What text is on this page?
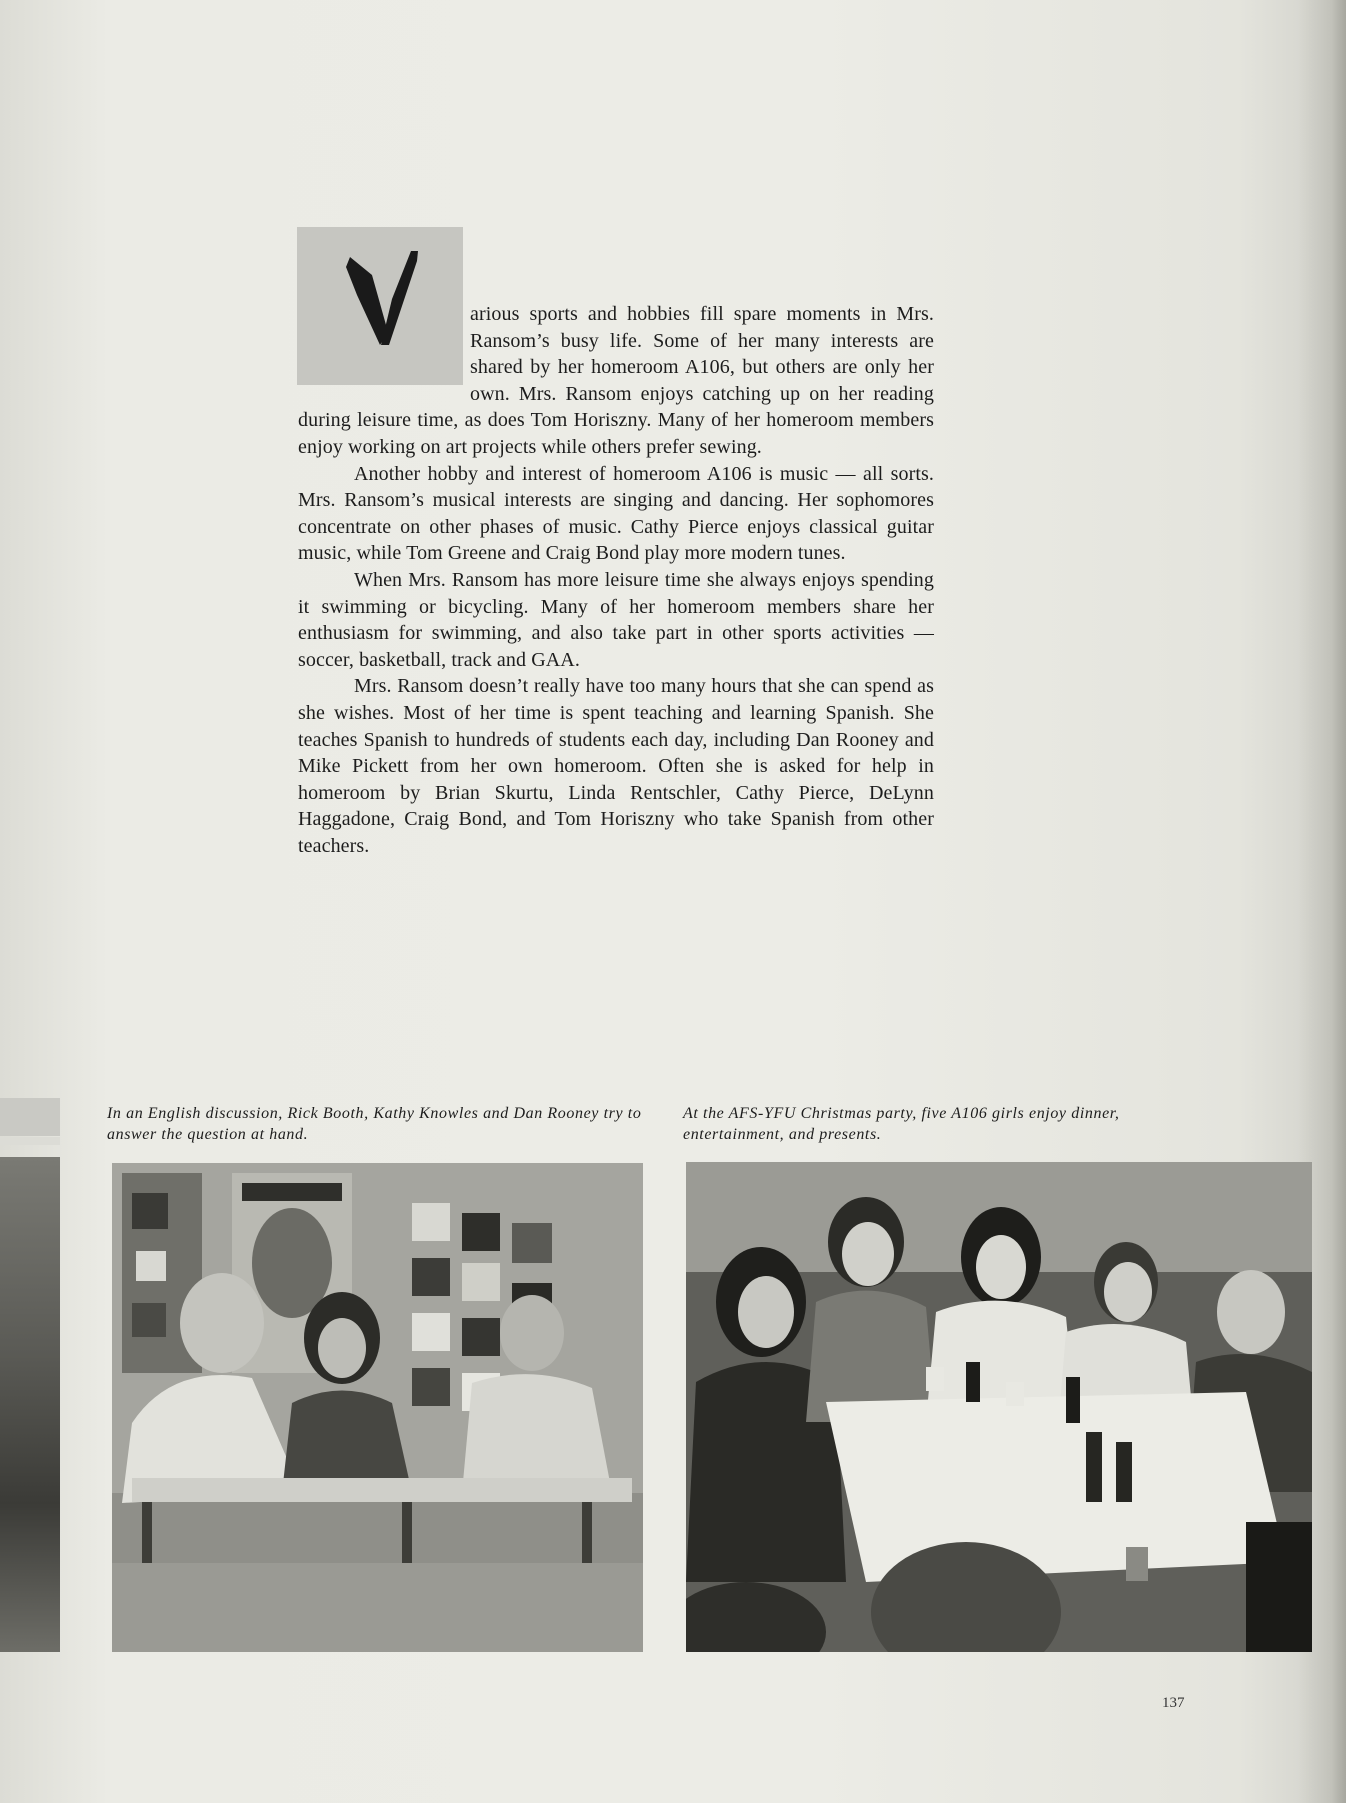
arious sports and hobbies fill spare moments in Mrs. Ransom’s busy life. Some of her many interests are shared by her homeroom A106, but others are only her own. Mrs. Ransom enjoys catching up on her reading during leisure time, as does Tom Horiszny. Many of her homeroom members enjoy working on art projects while others prefer sewing.

Another hobby and interest of homeroom A106 is music — all sorts. Mrs. Ransom’s musical interests are singing and dancing. Her sophomores concentrate on other phases of music. Cathy Pierce enjoys classical guitar music, while Tom Greene and Craig Bond play more modern tunes.

When Mrs. Ransom has more leisure time she always enjoys spending it swimming or bicycling. Many of her homeroom members share her enthusiasm for swimming, and also take part in other sports activities — soccer, basketball, track and GAA.

Mrs. Ransom doesn’t really have too many hours that she can spend as she wishes. Most of her time is spent teaching and learning Spanish. She teaches Spanish to hundreds of students each day, including Dan Rooney and Mike Pickett from her own homeroom. Often she is asked for help in homeroom by Brian Skurtu, Linda Rentschler, Cathy Pierce, DeLynn Haggadone, Craig Bond, and Tom Horiszny who take Spanish from other teachers.

In an English discussion, Rick Booth, Kathy Knowles and Dan Rooney try to answer the question at hand.
At the AFS-YFU Christmas party, five A106 girls enjoy dinner, entertainment, and presents.
137
